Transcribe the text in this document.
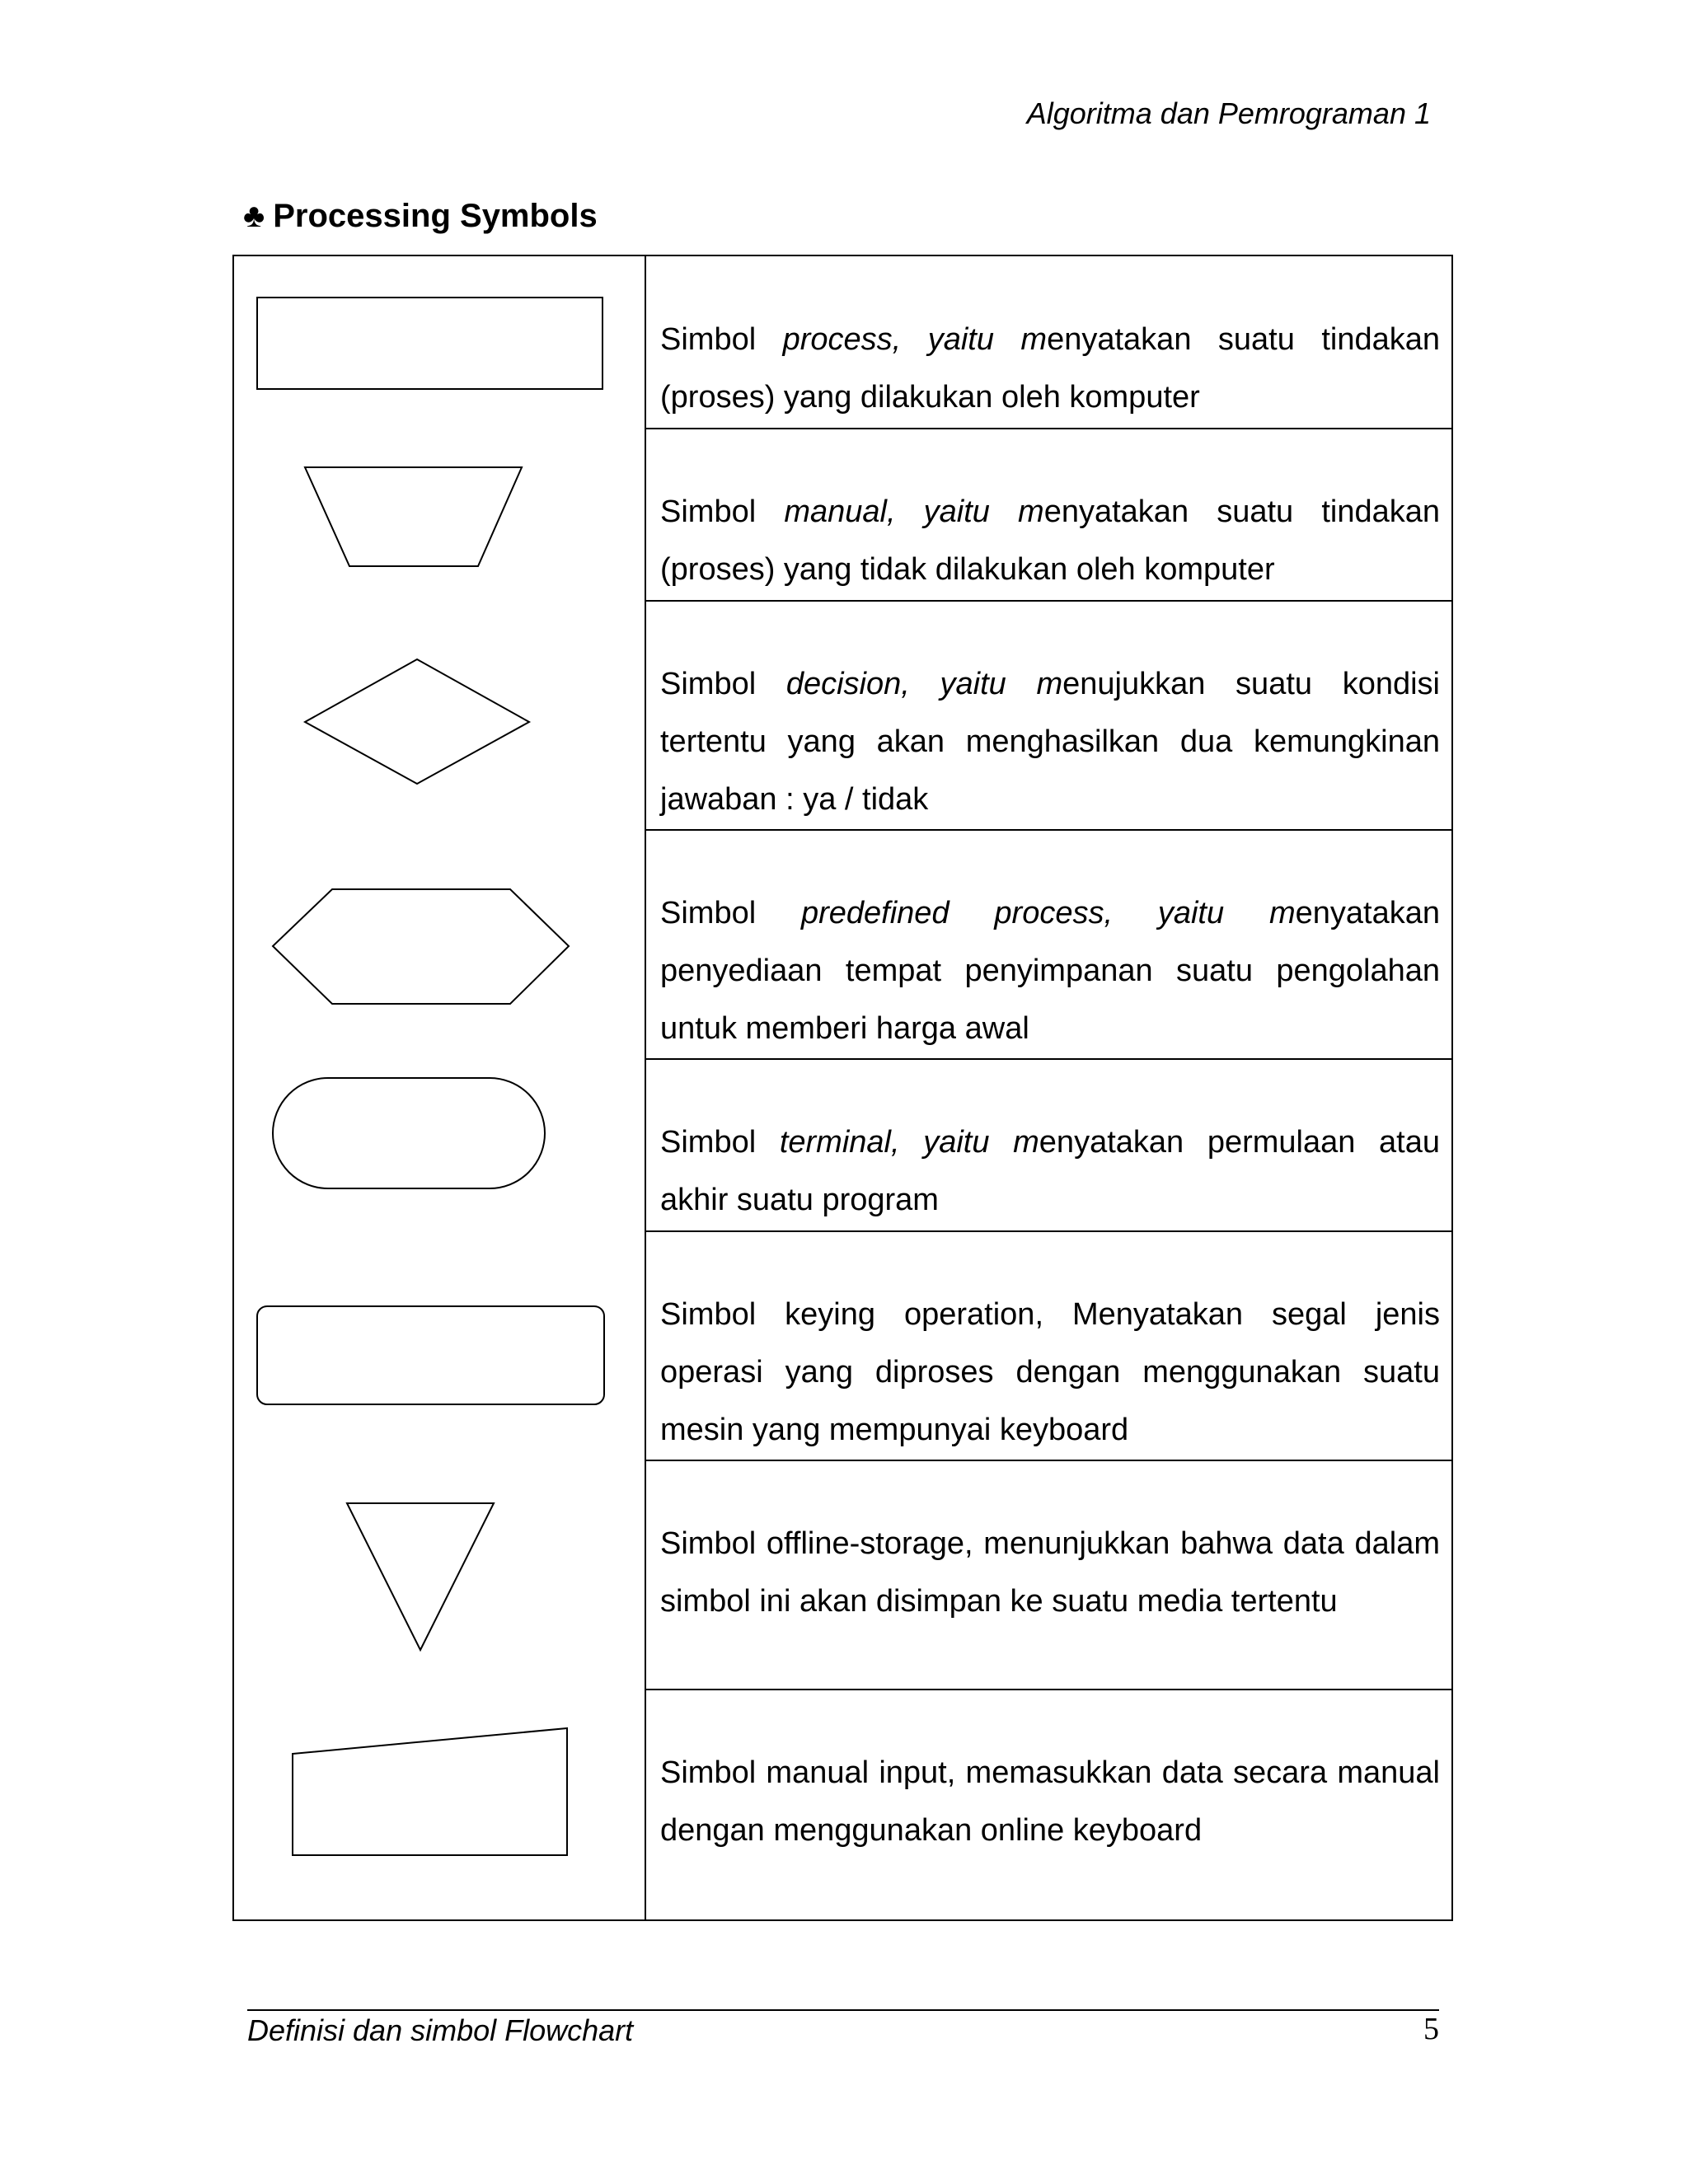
Algoritma dan Pemrograman 1
♣ Processing Symbols
Simbol process, yaitu menyatakan suatu tindakan (proses) yang dilakukan oleh komputer
Simbol manual, yaitu menyatakan suatu tindakan (proses) yang tidak dilakukan oleh komputer
Simbol decision, yaitu menujukkan suatu kondisi tertentu yang akan menghasilkan dua kemungkinan jawaban : ya / tidak
Simbol predefined process, yaitu menyatakan penyediaan tempat penyimpanan suatu pengolahan untuk memberi harga awal
Simbol terminal, yaitu menyatakan permulaan atau akhir suatu program
Simbol keying operation, Menyatakan segal jenis operasi yang diproses dengan menggunakan suatu mesin yang mempunyai keyboard
Simbol offline-storage, menunjukkan bahwa data dalam simbol ini akan disimpan ke suatu media tertentu
Simbol manual input, memasukkan data secara manual dengan menggunakan online keyboard
Definisi dan simbol Flowchart	5
